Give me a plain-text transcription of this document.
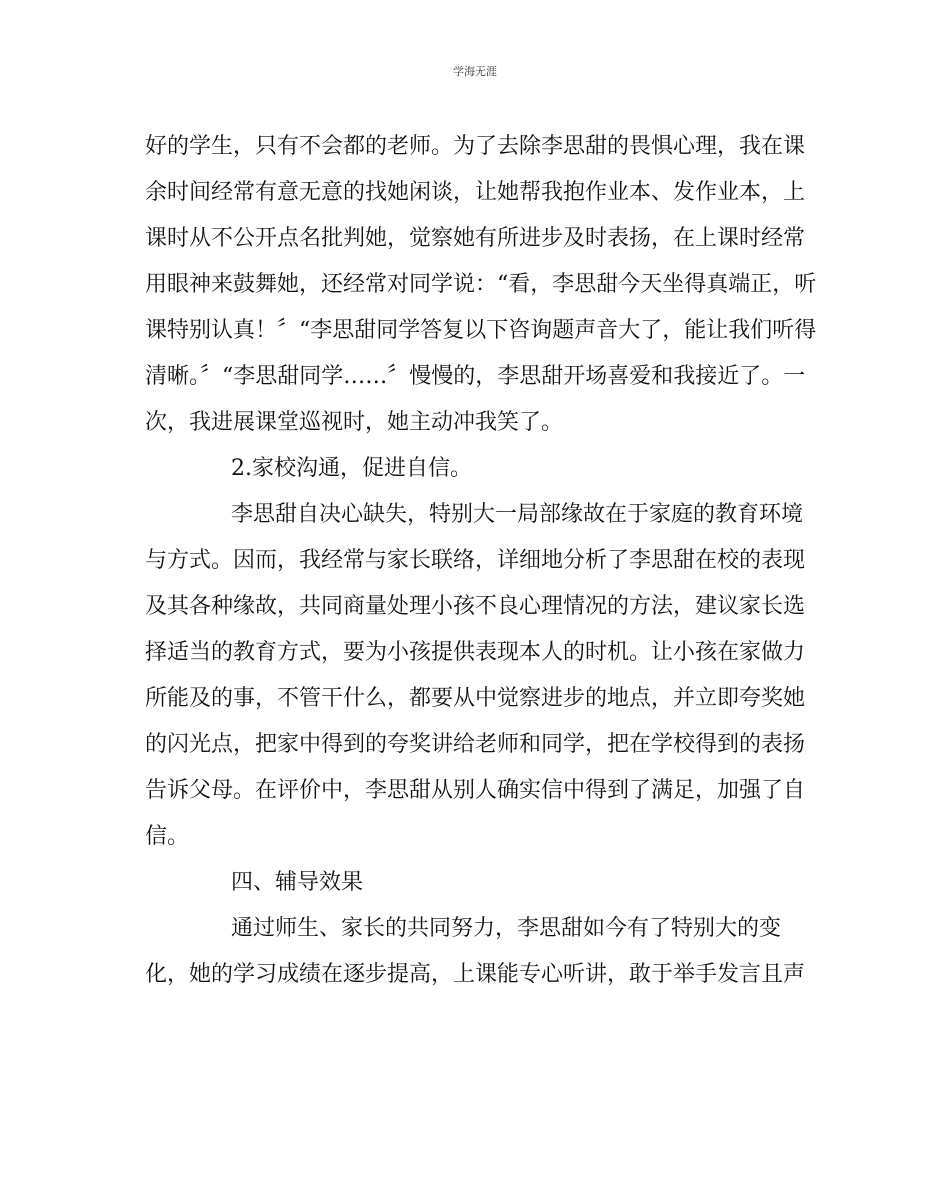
学海无涯
好的学生，只有不会都的老师。为了去除李思甜的畏惧心理，我在课
余时间经常有意无意的找她闲谈，让她帮我抱作业本、发作业本，上
课时从不公开点名批判她，觉察她有所进步及时表扬，在上课时经常
用眼神来鼓舞她，还经常对同学说：“看，李思甜今天坐得真端正，听
课特别认真！〞“李思甜同学答复以下咨询题声音大了，能让我们听得
清晰。〞“李思甜同学……〞慢慢的，李思甜开场喜爱和我接近了。一
次，我进展课堂巡视时，她主动冲我笑了。
2.家校沟通，促进自信。
李思甜自决心缺失，特别大一局部缘故在于家庭的教育环境
与方式。因而，我经常与家长联络，详细地分析了李思甜在校的表现
及其各种缘故，共同商量处理小孩不良心理情况的方法，建议家长选
择适当的教育方式，要为小孩提供表现本人的时机。让小孩在家做力
所能及的事，不管干什么，都要从中觉察进步的地点，并立即夸奖她
的闪光点，把家中得到的夸奖讲给老师和同学，把在学校得到的表扬
告诉父母。在评价中，李思甜从别人确实信中得到了满足，加强了自
信。
四、辅导效果
通过师生、家长的共同努力，李思甜如今有了特别大的变
化，她的学习成绩在逐步提高，上课能专心听讲，敢于举手发言且声
